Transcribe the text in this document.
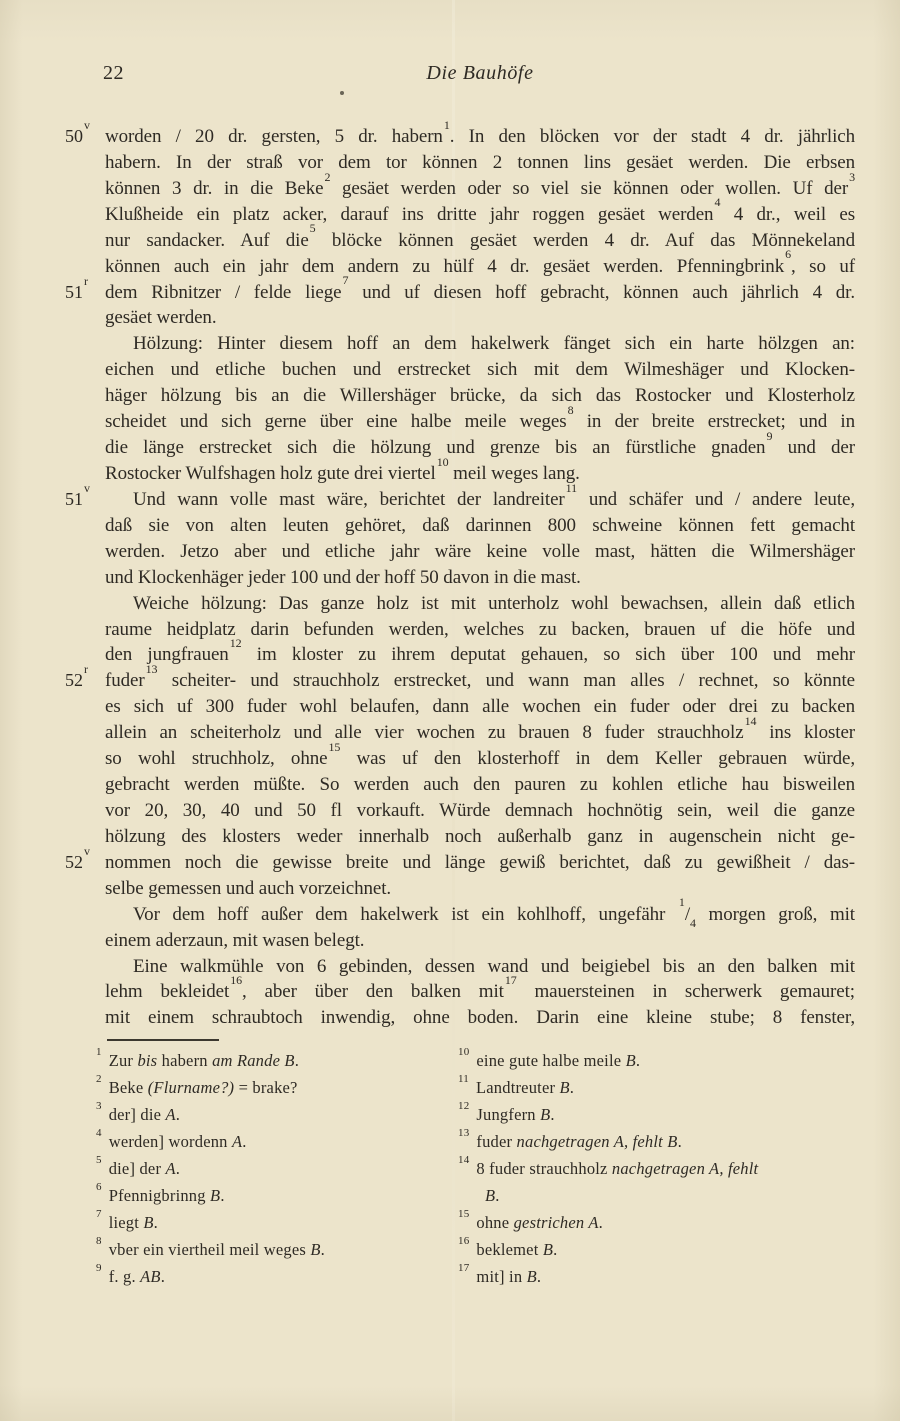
22	Die Bauhöfe
50$^v$
worden / 20 dr. gersten, 5 dr. habern$^1$. In den blöcken vor der stadt 4 dr. jährlich
habern. In der straß vor dem tor können 2 tonnen lins gesäet werden. Die erbsen
können 3 dr. in die Beke$^2$ gesäet werden oder so viel sie können oder wollen. Uf der$^3$
Klußheide ein platz acker, darauf ins dritte jahr roggen gesäet werden$^4$ 4 dr., weil es
nur sandacker. Auf die$^5$ blöcke können gesäet werden 4 dr. Auf das Mönnekeland
können auch ein jahr dem andern zu hülf 4 dr. gesäet werden. Pfenningbrink$^6$, so uf
51$^r$
dem Ribnitzer / felde liege$^7$ und uf diesen hoff gebracht, können auch jährlich 4 dr.
gesäet werden.
Hölzung: Hinter diesem hoff an dem hakelwerk fänget sich ein harte hölzgen an:
eichen und etliche buchen und erstrecket sich mit dem Wilmeshäger und Klocken-
häger hölzung bis an die Willershäger brücke, da sich das Rostocker und Klosterholz
scheidet und sich gerne über eine halbe meile weges$^8$ in der breite erstrecket; und in
die länge erstrecket sich die hölzung und grenze bis an fürstliche gnaden$^9$ und der
Rostocker Wulfshagen holz gute drei viertel$^{10}$ meil weges lang.
51$^v$
Und wann volle mast wäre, berichtet der landreiter$^{11}$ und schäfer und / andere leute,
daß sie von alten leuten gehöret, daß darinnen 800 schweine können fett gemacht
werden. Jetzo aber und etliche jahr wäre keine volle mast, hätten die Wilmershäger
und Klockenhäger jeder 100 und der hoff 50 davon in die mast.
Weiche hölzung: Das ganze holz ist mit unterholz wohl bewachsen, allein daß etlich
raume heidplatz darin befunden werden, welches zu backen, brauen uf die höfe und
den jungfrauen$^{12}$ im kloster zu ihrem deputat gehauen, so sich über 100 und mehr
52$^r$
fuder$^{13}$ scheiter- und strauchholz erstrecket, und wann man alles / rechnet, so könnte
es sich uf 300 fuder wohl belaufen, dann alle wochen ein fuder oder drei zu backen
allein an scheiterholz und alle vier wochen zu brauen 8 fuder strauchholz$^{14}$ ins kloster
so wohl struchholz, ohne$^{15}$ was uf den klosterhoff in dem Keller gebrauen würde,
gebracht werden müßte. So werden auch den pauren zu kohlen etliche hau bisweilen
vor 20, 30, 40 und 50 fl vorkauft. Würde demnach hochnötig sein, weil die ganze
hölzung des klosters weder innerhalb noch außerhalb ganz in augenschein nicht ge-
52$^v$
nommen noch die gewisse breite und länge gewiß berichtet, daß zu gewißheit / das-
selbe gemessen und auch vorzeichnet.
Vor dem hoff außer dem hakelwerk ist ein kohlhoff, ungefähr $^1/_4$ morgen groß, mit
einem aderzaun, mit wasen belegt.
Eine walkmühle von 6 gebinden, dessen wand und beigiebel bis an den balken mit
lehm bekleidet$^{16}$, aber über den balken mit$^{17}$ mauersteinen in scherwerk gemauret;
mit einem schraubtoch inwendig, ohne boden. Darin eine kleine stube; 8 fenster,
$^1$ Zur bis habern am Rande B.
$^2$ Beke (Flurname?) = brake?
$^3$ der] die A.
$^4$ werden] wordenn A.
$^5$ die] der A.
$^6$ Pfennigbrinng B.
$^7$ liegt B.
$^8$ vber ein viertheil meil weges B.
$^9$ f. g. AB.
$^{10}$ eine gute halbe meile B.
$^{11}$ Landtreuter B.
$^{12}$ Jungfern B.
$^{13}$ fuder nachgetragen A, fehlt B.
$^{14}$ 8 fuder strauchholz nachgetragen A, fehlt
B.
$^{15}$ ohne gestrichen A.
$^{16}$ beklemet B.
$^{17}$ mit] in B.
